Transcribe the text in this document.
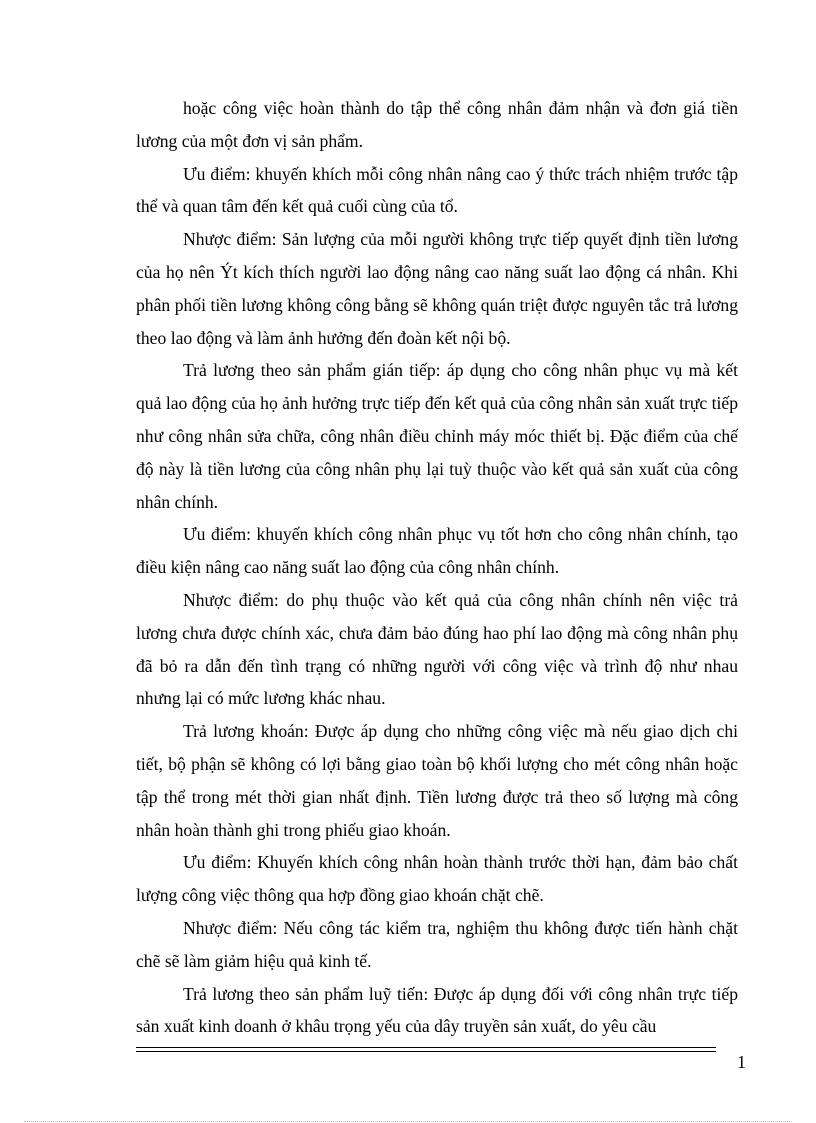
hoặc công việc hoàn thành do tập thể công nhân đảm nhận và đơn giá tiền lương của một đơn vị sản phẩm.

Ưu điểm: khuyến khích mỗi công nhân nâng cao ý thức trách nhiệm trước tập thể và quan tâm đến kết quả cuối cùng của tổ.

Nhược điểm: Sản lượng của mỗi người không trực tiếp quyết định tiền lương của họ nên Ýt kích thích người lao động nâng cao năng suất lao động cá nhân. Khi phân phối tiền lương không công bằng sẽ không quán triệt được nguyên tắc trả lương theo lao động và làm ảnh hưởng đến đoàn kết nội bộ.

Trả lương theo sản phẩm gián tiếp: áp dụng cho công nhân phục vụ mà kết quả lao động của họ ảnh hưởng trực tiếp đến kết quả của công nhân sản xuất trực tiếp như công nhân sửa chữa, công nhân điều chỉnh máy móc thiết bị. Đặc điểm của chế độ này là tiền lương của công nhân phụ lại tuỳ thuộc vào kết quả sản xuất của công nhân chính.

Ưu điểm: khuyến khích công nhân phục vụ tốt hơn cho công nhân chính, tạo điều kiện nâng cao năng suất lao động của công nhân chính.

Nhược điểm: do phụ thuộc vào kết quả của công nhân chính nên việc trả lương chưa được chính xác, chưa đảm bảo đúng hao phí lao động mà công nhân phụ đã bỏ ra dẫn đến tình trạng có những người với công việc và trình độ như nhau nhưng lại có mức lương khác nhau.

Trả lương khoán: Được áp dụng cho những công việc mà nếu giao dịch chi tiết, bộ phận sẽ không có lợi bằng giao toàn bộ khối lượng cho mét công nhân hoặc tập thể trong mét thời gian nhất định. Tiền lương được trả theo số lượng mà công nhân hoàn thành ghi trong phiếu giao khoán.

Ưu điểm: Khuyến khích công nhân hoàn thành trước thời hạn, đảm bảo chất lượng công việc thông qua hợp đồng giao khoán chặt chẽ.

Nhược điểm: Nếu công tác kiểm tra, nghiệm thu không được tiến hành chặt chẽ sẽ làm giảm hiệu quả kinh tế.

Trả lương theo sản phẩm luỹ tiến: Được áp dụng đối với công nhân trực tiếp sản xuất kinh doanh ở khâu trọng yếu của dây truyền sản xuất, do yêu cầu

1
